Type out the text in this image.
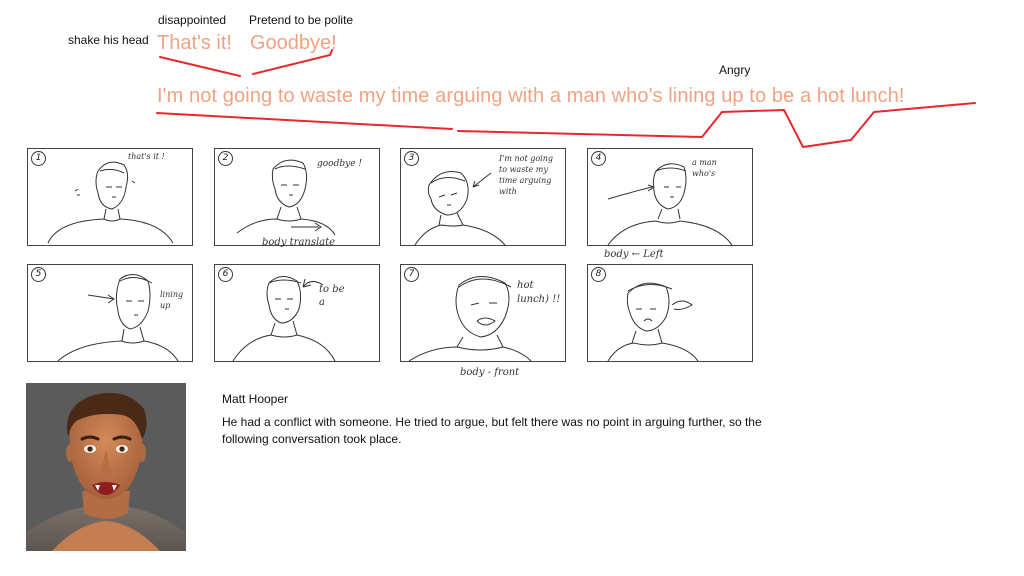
disappointed Pretend to be polite
shake his head
Angry
That's it! Goodbye!
I'm not going to waste my time arguing with a man who's lining up to be a hot lunch!
1	that's it !	2
goodbye !
body translate
3	I'm not going
to waste my
time arguing
with
4	a man
who's
body ← Left
5
lining
up
6
to be
a
7
hot
lunch) !!
body - front
8
Matt Hooper
He had a conflict with someone. He tried to argue, but felt there was no point in arguing further, so the following conversation took place.
